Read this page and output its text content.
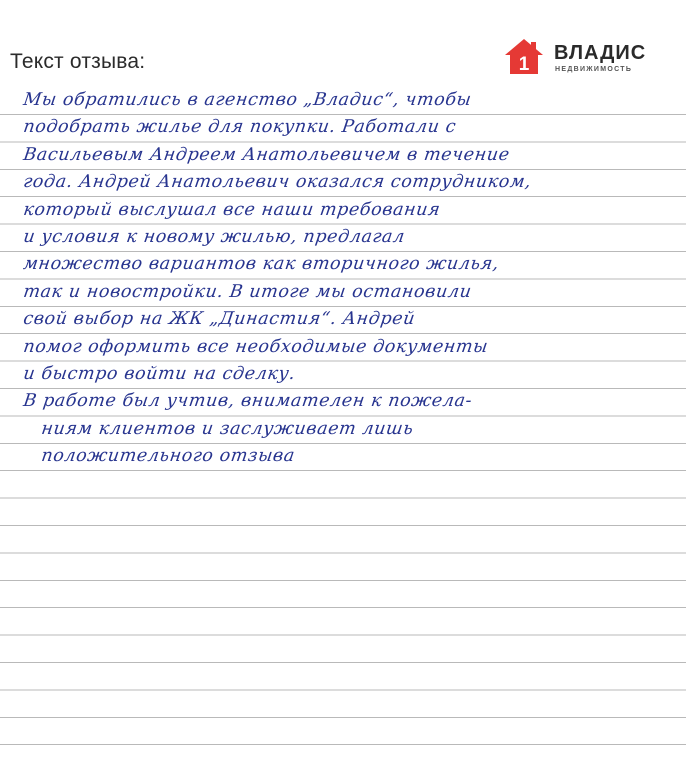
Текст отзыва:	1
ВЛАДИС
НЕДВИЖИМОСТЬ
Мы обратились в агенство „Владис“, чтобы
подобрать жилье для покупки. Работали с
Васильевым Андреем Анатольевичем в течение
года. Андрей Анатольевич оказался сотрудником,
который выслушал все наши требования
и условия к новому жилью, предлагал
множество вариантов как вторичного жилья,
так и новостройки. В итоге мы остановили
свой выбор на ЖК „Династия“. Андрей
помог оформить все необходимые документы
и быстро войти на сделку.
В работе был учтив, внимателен к пожела-
ниям клиентов и заслуживает лишь
положительного отзыва
